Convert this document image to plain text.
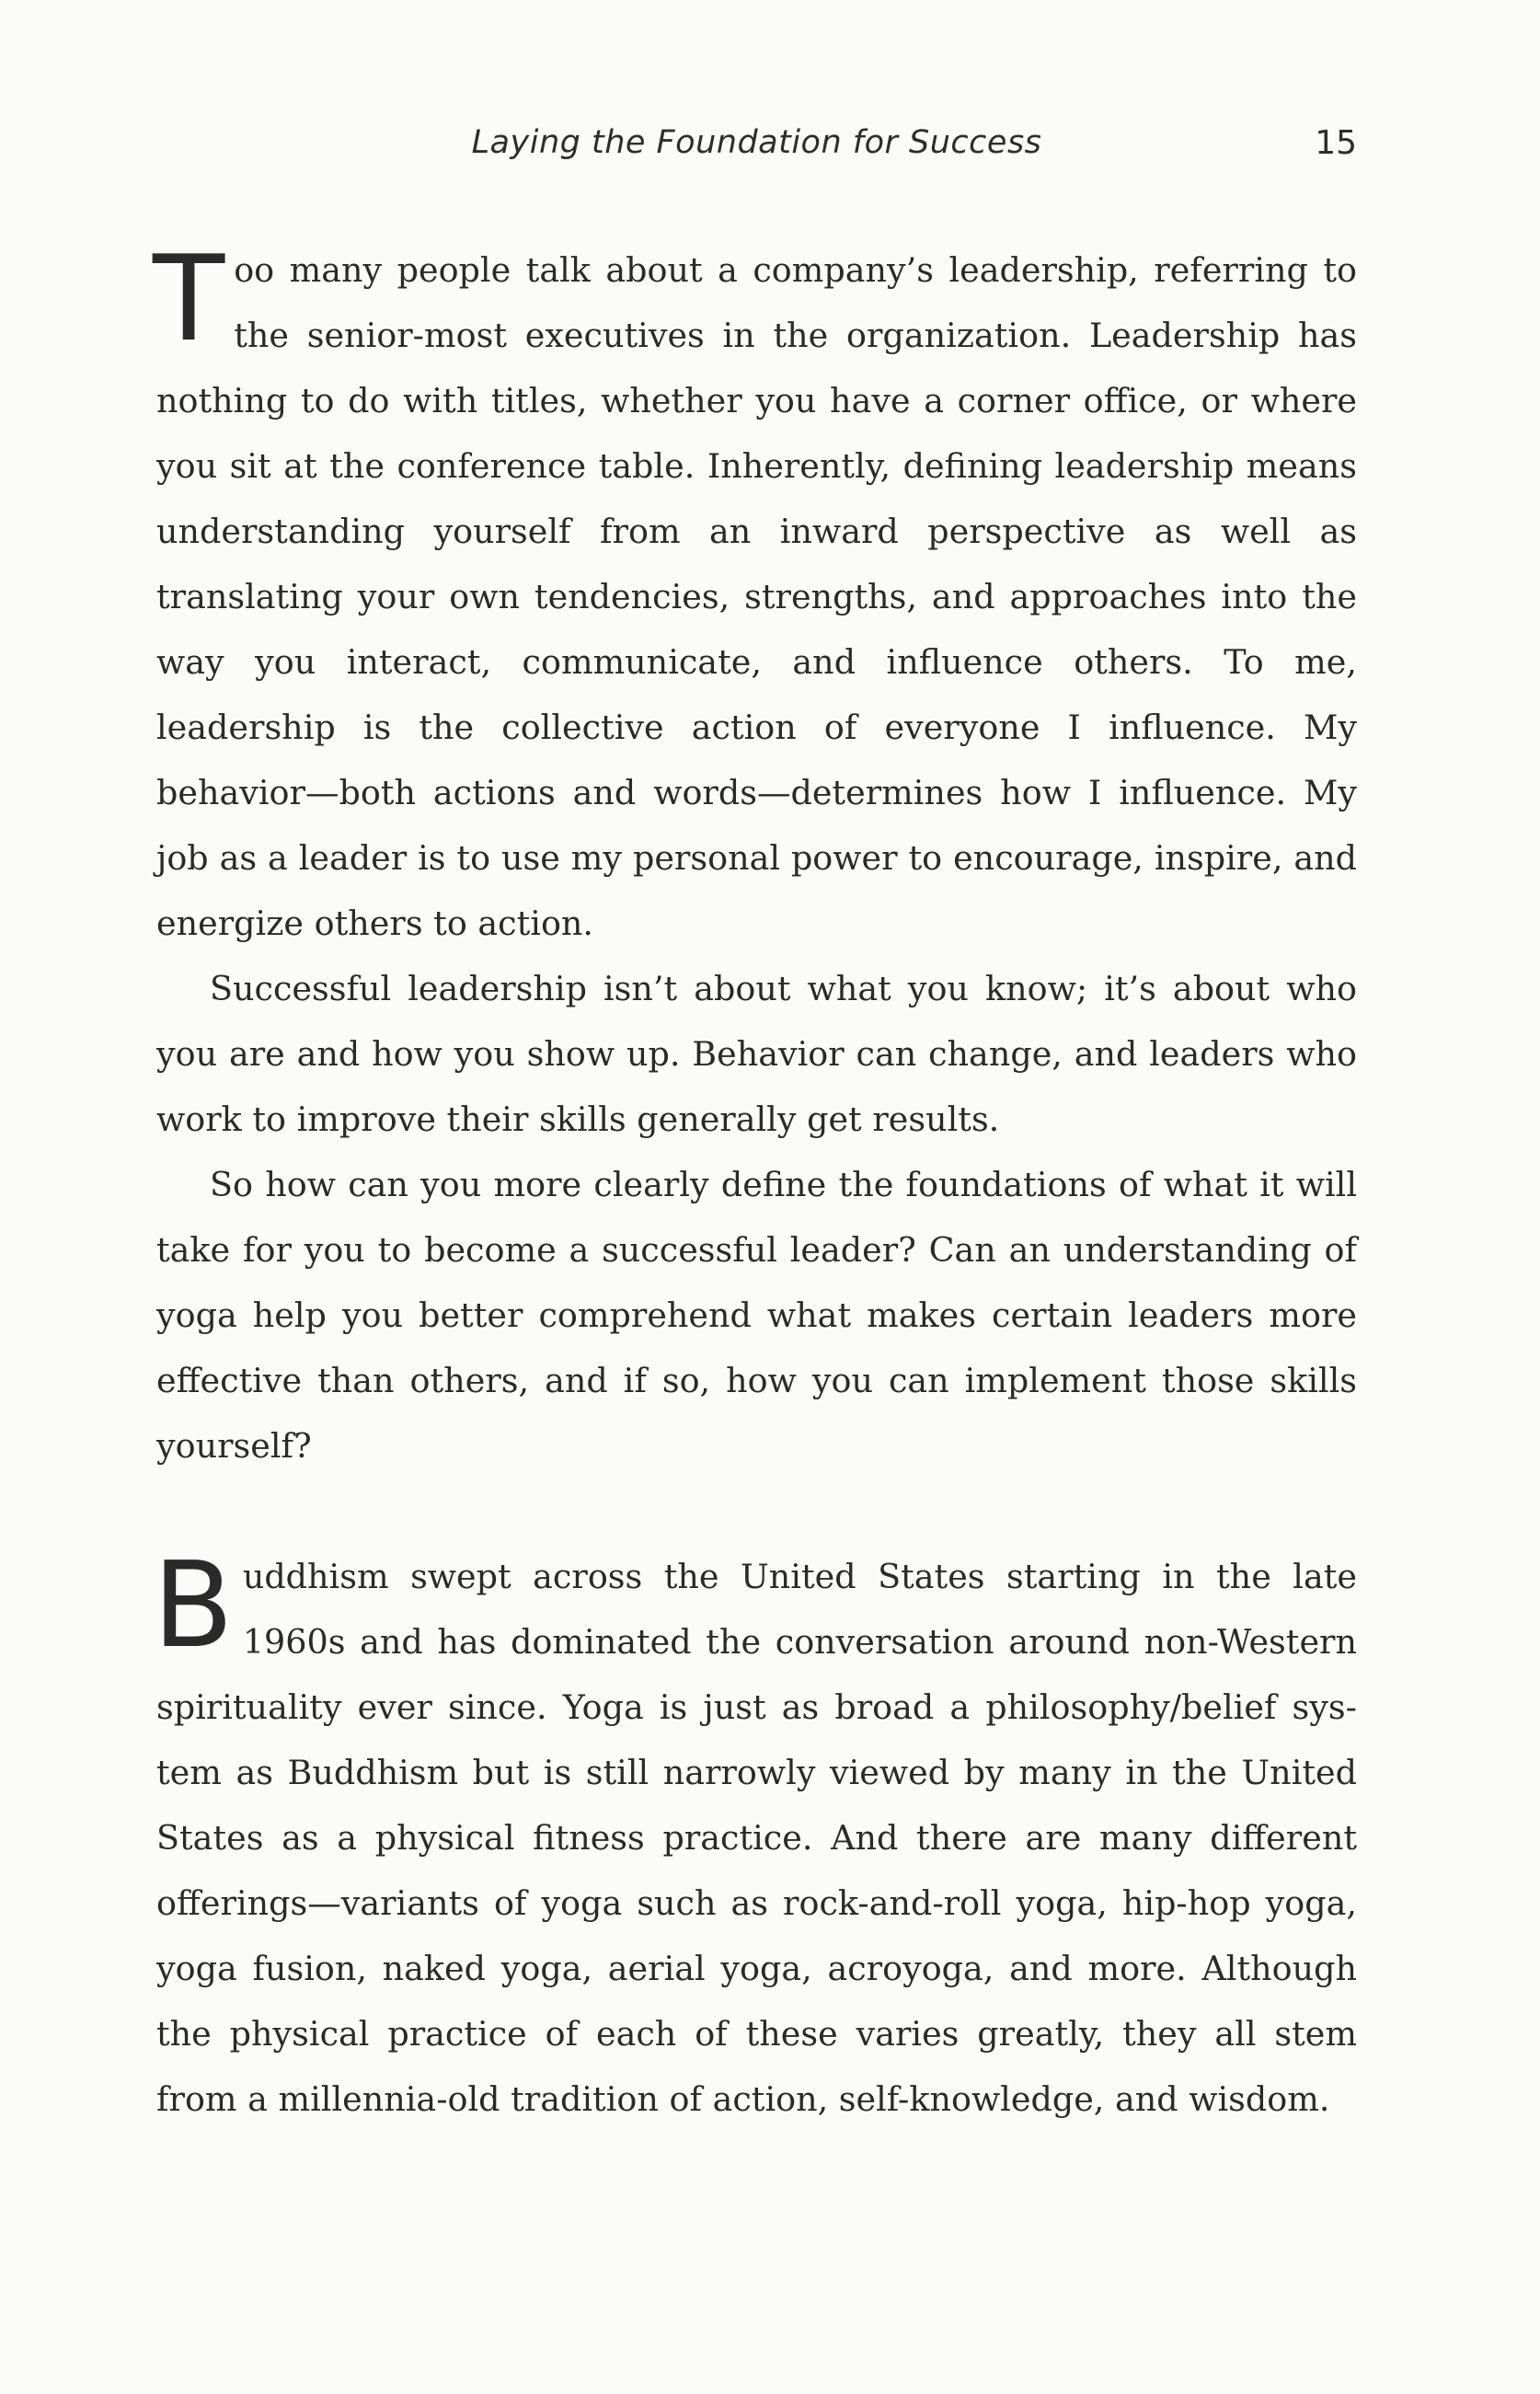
Laying the Foundation for Success	15

Too many people talk about a company’s leadership, referring to the senior-most executives in the organization. Leadership has nothing to do with titles, whether you have a corner office, or where you sit at the conference table. Inherently, defining leadership means understanding yourself from an inward perspective as well as translating your own tendencies, strengths, and approaches into the way you interact, communicate, and influence others. To me, leadership is the collective action of everyone I influence. My behavior—both actions and words—determines how I influence. My job as a leader is to use my personal power to encourage, inspire, and energize others to action.

Successful leadership isn’t about what you know; it’s about who you are and how you show up. Behavior can change, and leaders who work to improve their skills generally get results.

So how can you more clearly define the foundations of what it will take for you to become a successful leader? Can an understanding of yoga help you better comprehend what makes certain leaders more effective than others, and if so, how you can implement those skills yourself?

Buddhism swept across the United States starting in the late 1960s and has dominated the conversation around non-Western spirituality ever since. Yoga is just as broad a philosophy/belief system as Buddhism but is still narrowly viewed by many in the United States as a physical fitness practice. And there are many different offerings—variants of yoga such as rock-and-roll yoga, hip-hop yoga, yoga fusion, naked yoga, aerial yoga, acroyoga, and more. Although the physical practice of each of these varies greatly, they all stem from a millennia-old tradition of action, self-knowledge, and wisdom.
